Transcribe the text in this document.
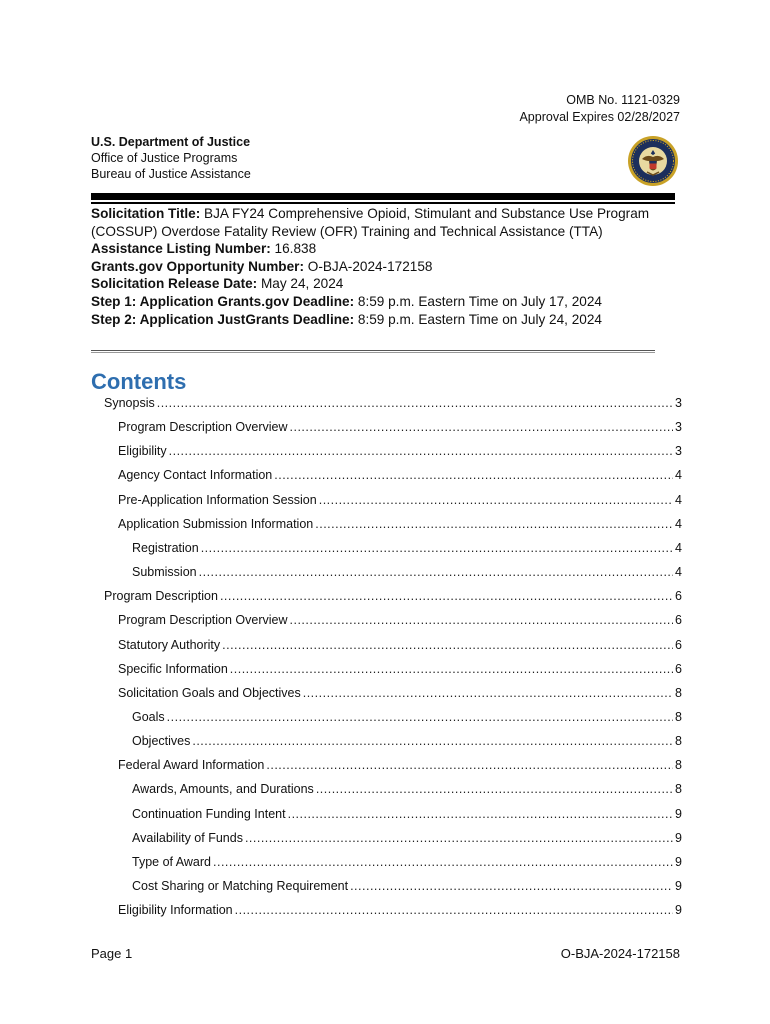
OMB No. 1121-0329
Approval Expires 02/28/2027
U.S. Department of Justice
Office of Justice Programs
Bureau of Justice Assistance
Solicitation Title: BJA FY24 Comprehensive Opioid, Stimulant and Substance Use Program (COSSUP) Overdose Fatality Review (OFR) Training and Technical Assistance (TTA)
Assistance Listing Number: 16.838
Grants.gov Opportunity Number: O-BJA-2024-172158
Solicitation Release Date: May 24, 2024
Step 1: Application Grants.gov Deadline: 8:59 p.m. Eastern Time on July 17, 2024
Step 2: Application JustGrants Deadline: 8:59 p.m. Eastern Time on July 24, 2024
Contents
Synopsis .....	3
Program Description Overview .....	3
Eligibility .....	3
Agency Contact Information .....	4
Pre-Application Information Session .....	4
Application Submission Information .....	4
Registration .....	4
Submission .....	4
Program Description .....	6
Program Description Overview .....	6
Statutory Authority .....	6
Specific Information .....	6
Solicitation Goals and Objectives .....	8
Goals .....	8
Objectives .....	8
Federal Award Information .....	8
Awards, Amounts, and Durations .....	8
Continuation Funding Intent .....	9
Availability of Funds .....	9
Type of Award .....	9
Cost Sharing or Matching Requirement .....	9
Eligibility Information .....	9
Page 1	O-BJA-2024-172158
